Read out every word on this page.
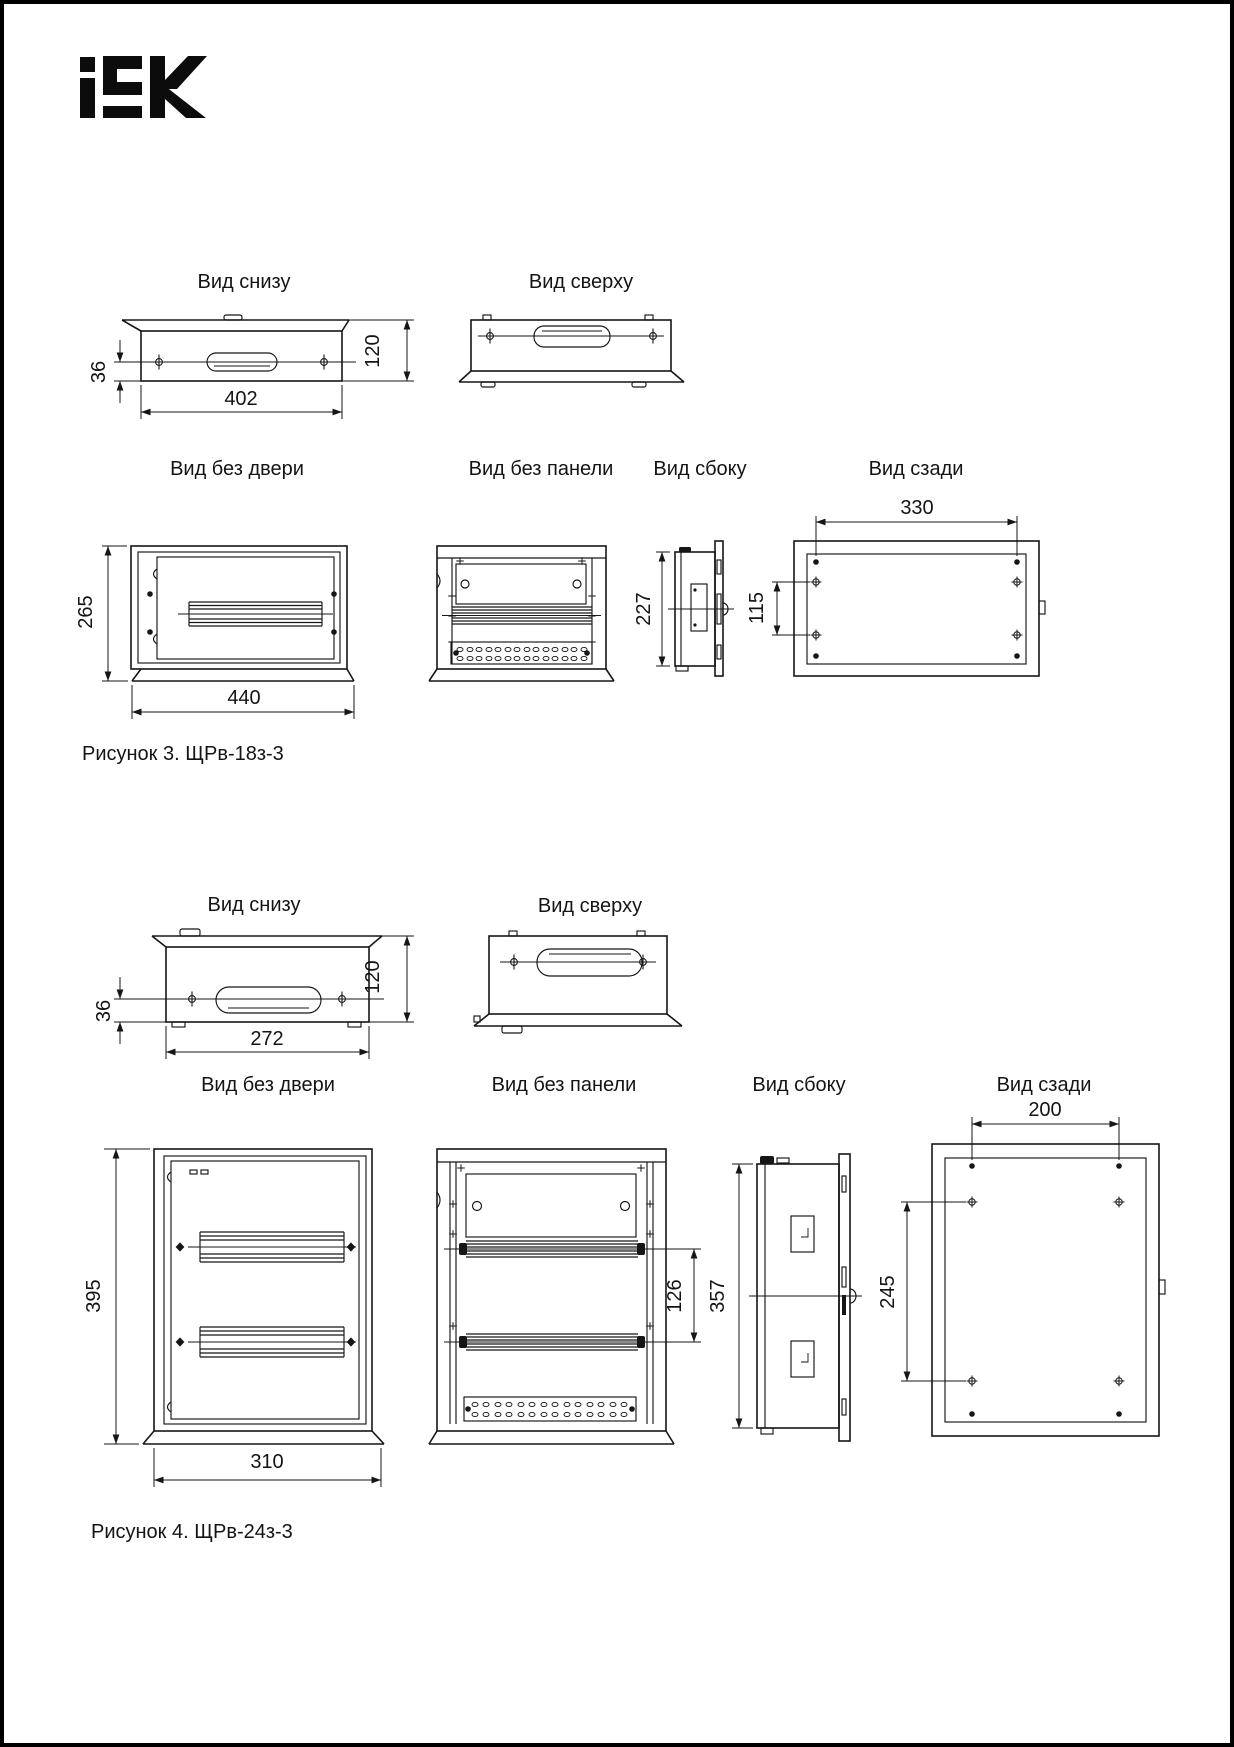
Вид снизу	Вид сверху
36
120
402
Вид без двери	Вид без панели Вид сбоку	Вид сзади
265
440
227
330
115
Рисунок 3. ЩРв-18з-3
Вид снизу	Вид сверху
36
120
272
Вид без двери	Вид без панели	Вид сбоку	Вид сзади
395
310
126 357
200
245
Рисунок 4. ЩРв-24з-3
